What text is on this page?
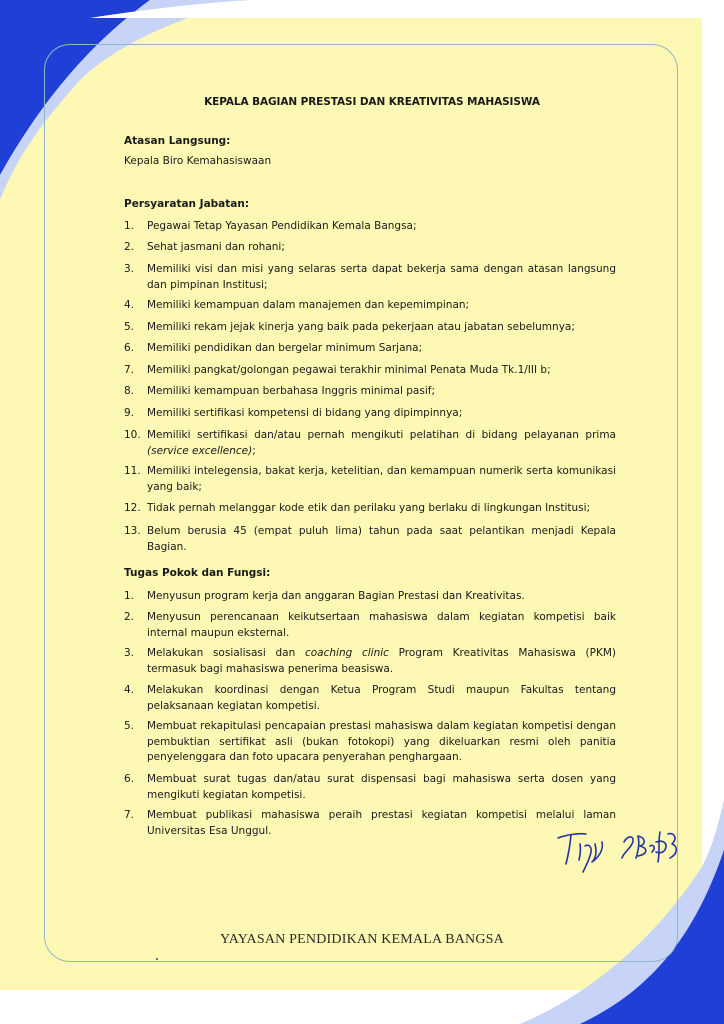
KEPALA BAGIAN PRESTASI DAN KREATIVITAS MAHASISWA
Atasan Langsung:
Kepala Biro Kemahasiswaan
Persyaratan Jabatan:
1.	Pegawai Tetap Yayasan Pendidikan Kemala Bangsa;
2.	Sehat jasmani dan rohani;
3.	Memiliki visi dan misi yang selaras serta dapat bekerja sama dengan atasan langsung dan pimpinan Institusi;
4.	Memiliki kemampuan dalam manajemen dan kepemimpinan;
5.	Memiliki rekam jejak kinerja yang baik pada pekerjaan atau jabatan sebelumnya;
6.	Memiliki pendidikan dan bergelar minimum Sarjana;
7.	Memiliki pangkat/golongan pegawai terakhir minimal Penata Muda Tk.1/III b;
8.	Memiliki kemampuan berbahasa Inggris minimal pasif;
9.	Memiliki sertifikasi kompetensi di bidang yang dipimpinnya;
10. Memiliki sertifikasi dan/atau pernah mengikuti pelatihan di bidang pelayanan prima (service excellence);
11. Memiliki intelegensia, bakat kerja, ketelitian, dan kemampuan numerik serta komunikasi yang baik;
12. Tidak pernah melanggar kode etik dan perilaku yang berlaku di lingkungan Institusi;
13. Belum berusia 45 (empat puluh lima) tahun pada saat pelantikan menjadi Kepala Bagian.
Tugas Pokok dan Fungsi:
1.	Menyusun program kerja dan anggaran Bagian Prestasi dan Kreativitas.
2.	Menyusun perencanaan keikutsertaan mahasiswa dalam kegiatan kompetisi baik internal maupun eksternal.
3.	Melakukan sosialisasi dan coaching clinic Program Kreativitas Mahasiswa (PKM) termasuk bagi mahasiswa penerima beasiswa.
4.	Melakukan koordinasi dengan Ketua Program Studi maupun Fakultas tentang pelaksanaan kegiatan kompetisi.
5.	Membuat rekapitulasi pencapaian prestasi mahasiswa dalam kegiatan kompetisi dengan pembuktian sertifikat asli (bukan fotokopi) yang dikeluarkan resmi oleh panitia penyelenggara dan foto upacara penyerahan penghargaan.
6.	Membuat surat tugas dan/atau surat dispensasi bagi mahasiswa serta dosen yang mengikuti kegiatan kompetisi.
7.	Membuat publikasi mahasiswa peraih prestasi kegiatan kompetisi melalui laman Universitas Esa Unggul.
YAYASAN PENDIDIKAN KEMALA BANGSA
